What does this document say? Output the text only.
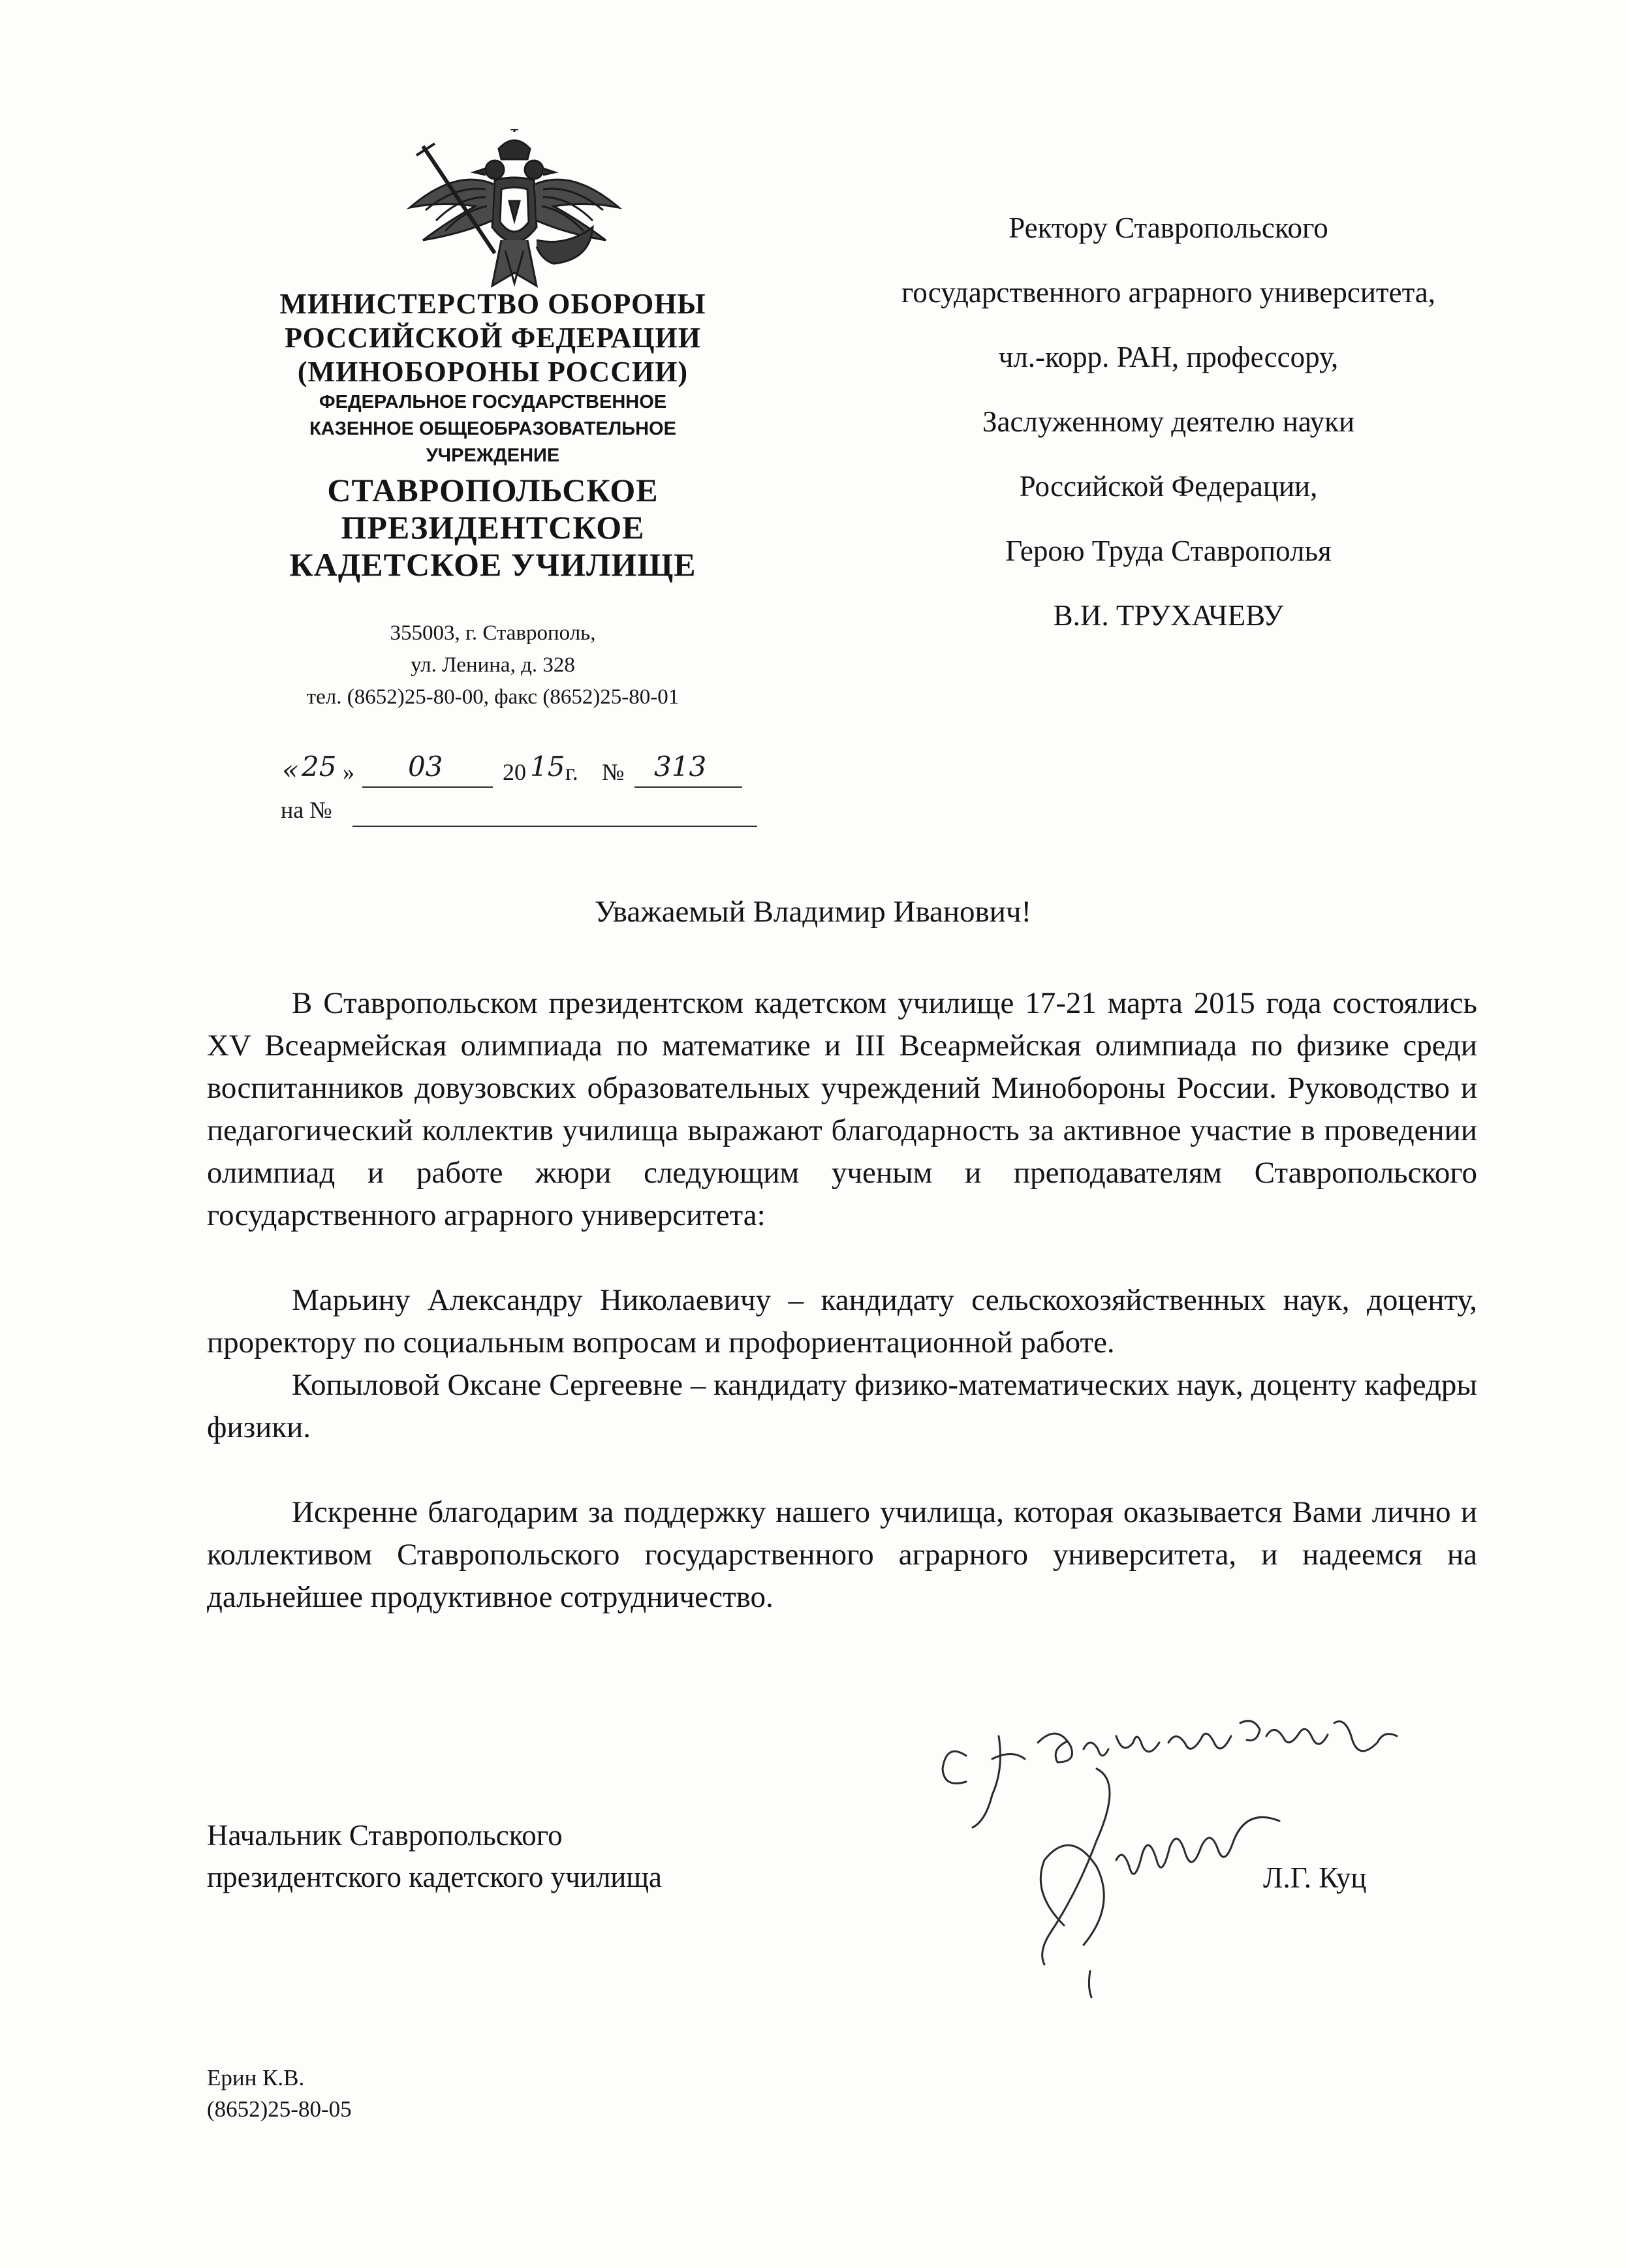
МИНИСТЕРСТВО ОБОРОНЫ
РОССИЙСКОЙ ФЕДЕРАЦИИ
(МИНОБОРОНЫ РОССИИ)
ФЕДЕРАЛЬНОЕ ГОСУДАРСТВЕННОЕ
КАЗЕННОЕ ОБЩЕОБРАЗОВАТЕЛЬНОЕ
УЧРЕЖДЕНИЕ
СТАВРОПОЛЬСКОЕ
ПРЕЗИДЕНТСКОЕ
КАДЕТСКОЕ УЧИЛИЩЕ
355003, г. Ставрополь,
ул. Ленина, д. 328
тел. (8652)25-80-00, факс (8652)25-80-01
« 25 » 03	20 15 г. № 313
на №
Ректору Ставропольского
государственного аграрного университета,
чл.-корр. РАН, профессору,
Заслуженному деятелю науки
Российской Федерации,
Герою Труда Ставрополья
В.И. ТРУХАЧЕВУ
Уважаемый Владимир Иванович!

В Ставропольском президентском кадетском училище 17-21 марта 2015 года состоялись XV Всеармейская олимпиада по математике и III Всеармейская олимпиада по физике среди воспитанников довузовских образовательных учреждений Минобороны России. Руководство и педагогический коллектив училища выражают благодарность за активное участие в проведении олимпиад и работе жюри следующим ученым и преподавателям Ставропольского государственного аграрного университета:

Марьину Александру Николаевичу – кандидату сельскохозяйственных наук, доценту, проректору по социальным вопросам и профориентационной работе.

Копыловой Оксане Сергеевне – кандидату физико-математических наук, доценту кафедры физики.

Искренне благодарим за поддержку нашего училища, которая оказывается Вами лично и коллективом Ставропольского государственного аграрного университета, и надеемся на дальнейшее продуктивное сотрудничество.

Начальник Ставропольского
президентского кадетского училища	Л.Г. Куц
Ерин К.В.
(8652)25-80-05
